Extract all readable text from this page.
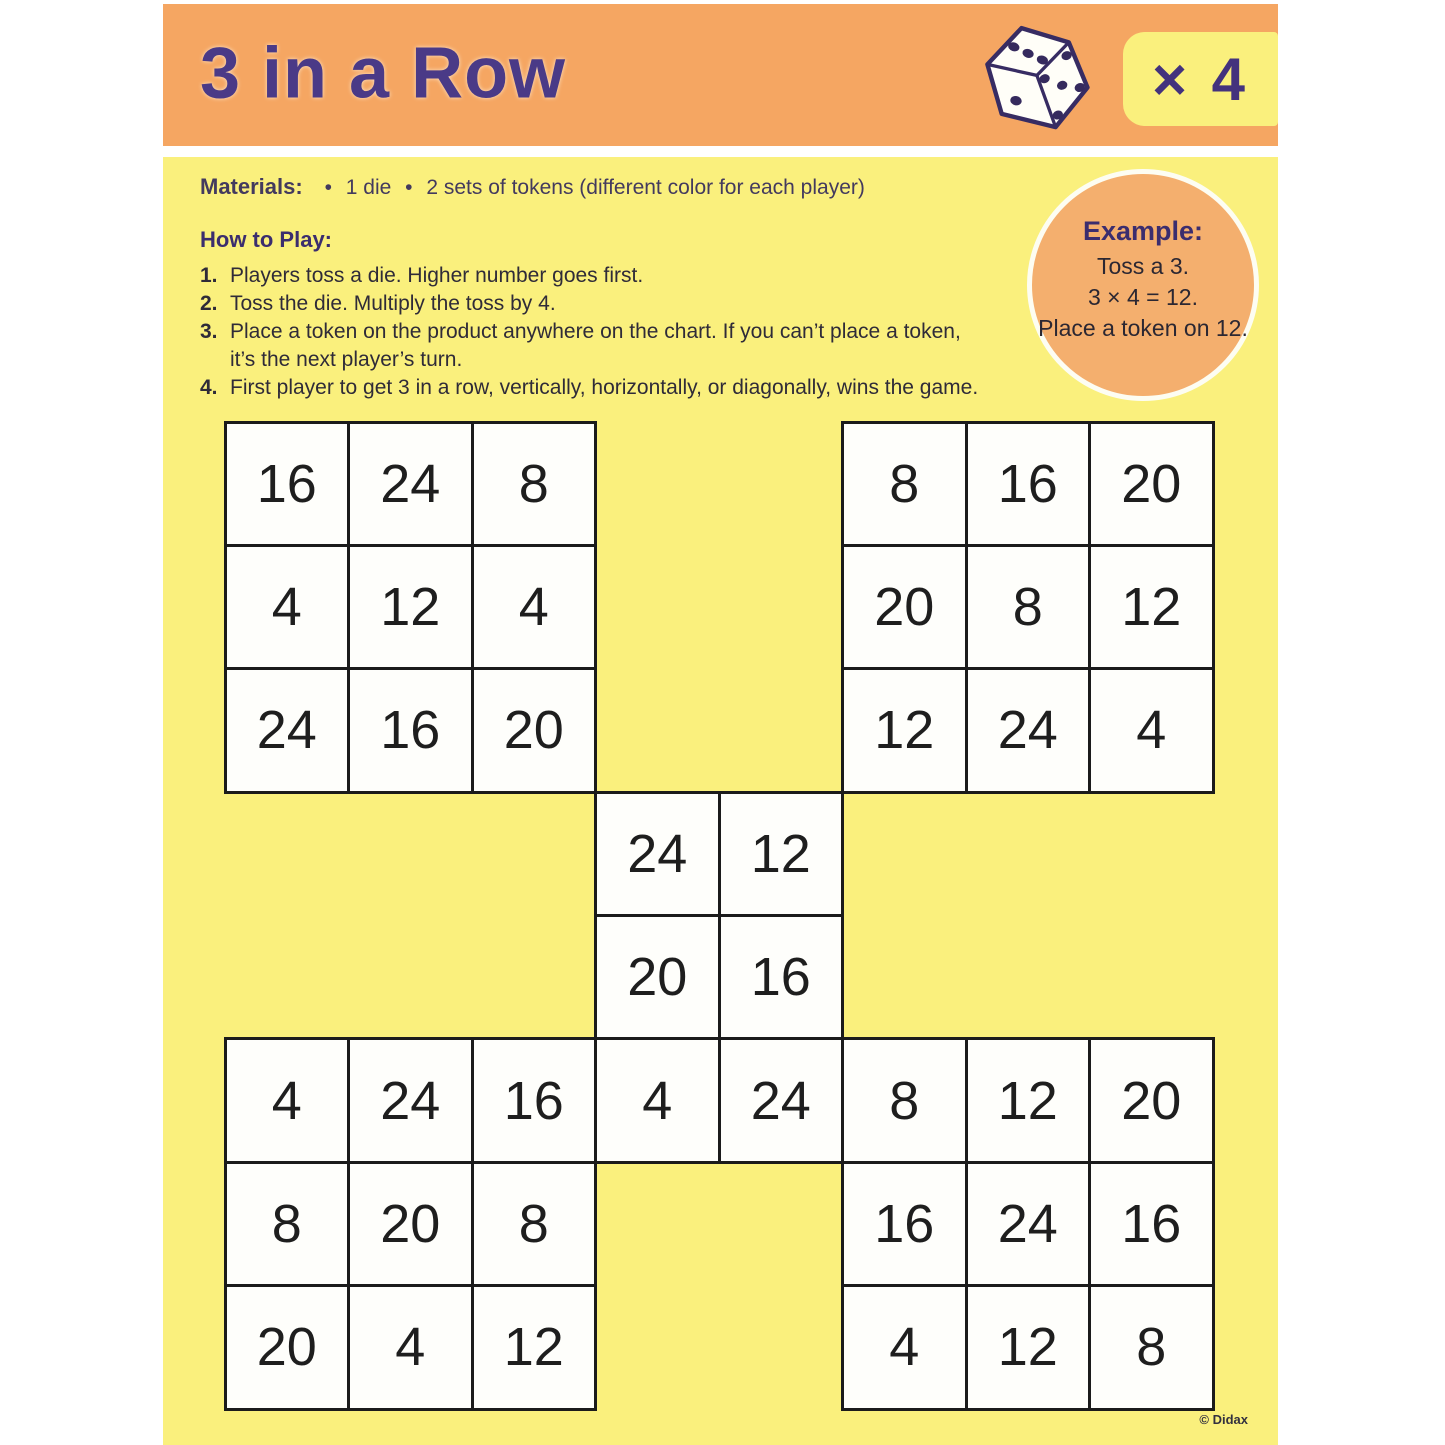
3 in a Row	× 4
Materials: • 1 die • 2 sets of tokens (different color for each player)
How to Play:
1. Players toss a die. Higher number goes first.
2. Toss the die. Multiply the toss by 4.
3. Place a token on the product anywhere on the chart. If you can’t place a token,
it’s the next player’s turn.
4. First player to get 3 in a row, vertically, horizontally, or diagonally, wins the game.
Example:
Toss a 3.
3 × 4 = 12.
Place a token on 12.
16	24	8	8	16	20
4	12	4	20	8	12
24	16	20	12	24	4
24	12
20	16
4	24	16	4	24	8	12	20
8	20	8	16	24	16
20	4	12	4	12	8
© Didax
